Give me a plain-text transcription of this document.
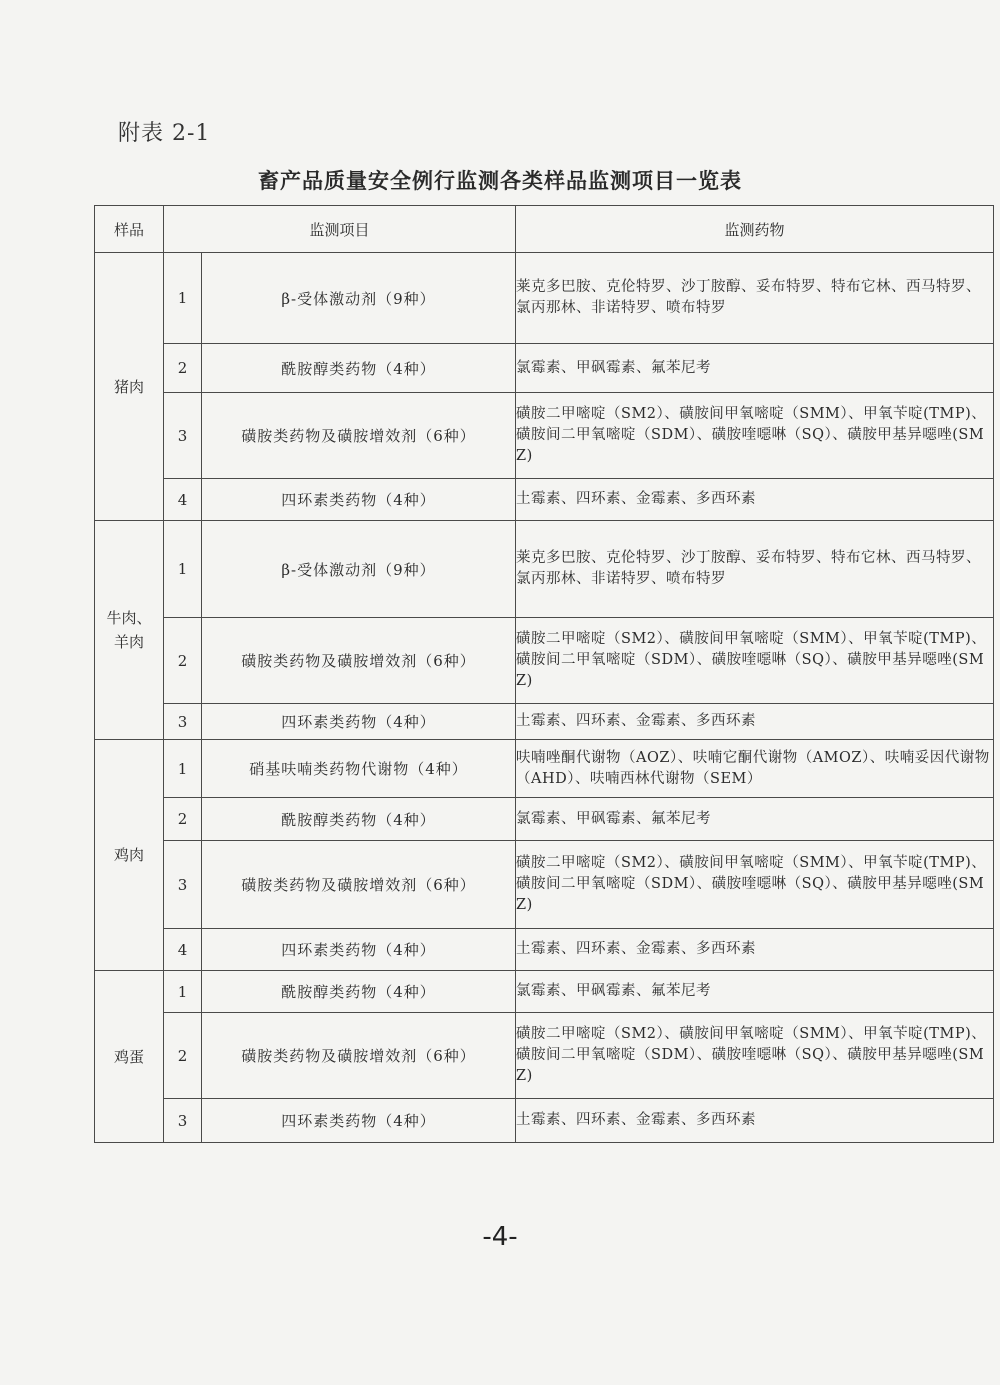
附表 2-1
畜产品质量安全例行监测各类样品监测项目一览表
样品	监测项目		监测药物
猪肉	1	β-受体激动剂（9种）	莱克多巴胺、克伦特罗、沙丁胺醇、妥布特罗、特布它林、西马特罗、氯丙那林、非诺特罗、喷布特罗
	2	酰胺醇类药物（4种）	氯霉素、甲砜霉素、氟苯尼考
	3	磺胺类药物及磺胺增效剂（6种）	磺胺二甲嘧啶（SM2）、磺胺间甲氧嘧啶（SMM）、甲氧苄啶(TMP)、磺胺间二甲氧嘧啶（SDM）、磺胺喹噁啉（SQ）、磺胺甲基异噁唑(SMZ)
	4	四环素类药物（4种）	土霉素、四环素、金霉素、多西环素

牛肉、
羊肉	1	β-受体激动剂（9种）	莱克多巴胺、克伦特罗、沙丁胺醇、妥布特罗、特布它林、西马特罗、氯丙那林、非诺特罗、喷布特罗
	2	磺胺类药物及磺胺增效剂（6种）	磺胺二甲嘧啶（SM2）、磺胺间甲氧嘧啶（SMM）、甲氧苄啶(TMP)、磺胺间二甲氧嘧啶（SDM）、磺胺喹噁啉（SQ）、磺胺甲基异噁唑(SMZ)
	3	四环素类药物（4种）	土霉素、四环素、金霉素、多西环素
鸡肉	1	硝基呋喃类药物代谢物（4种）	呋喃唑酮代谢物（AOZ）、呋喃它酮代谢物（AMOZ）、呋喃妥因代谢物（AHD）、呋喃西林代谢物（SEM）
	2	酰胺醇类药物（4种）	氯霉素、甲砜霉素、氟苯尼考
	3	磺胺类药物及磺胺增效剂（6种）	磺胺二甲嘧啶（SM2）、磺胺间甲氧嘧啶（SMM）、甲氧苄啶(TMP)、磺胺间二甲氧嘧啶（SDM）、磺胺喹噁啉（SQ）、磺胺甲基异噁唑(SMZ)
	4	四环素类药物（4种）	土霉素、四环素、金霉素、多西环素
鸡蛋	1	酰胺醇类药物（4种）	氯霉素、甲砜霉素、氟苯尼考
	2	磺胺类药物及磺胺增效剂（6种）	磺胺二甲嘧啶（SM2）、磺胺间甲氧嘧啶（SMM）、甲氧苄啶(TMP)、磺胺间二甲氧嘧啶（SDM）、磺胺喹噁啉（SQ）、磺胺甲基异噁唑(SMZ)
	3	四环素类药物（4种）	土霉素、四环素、金霉素、多西环素
-4-
